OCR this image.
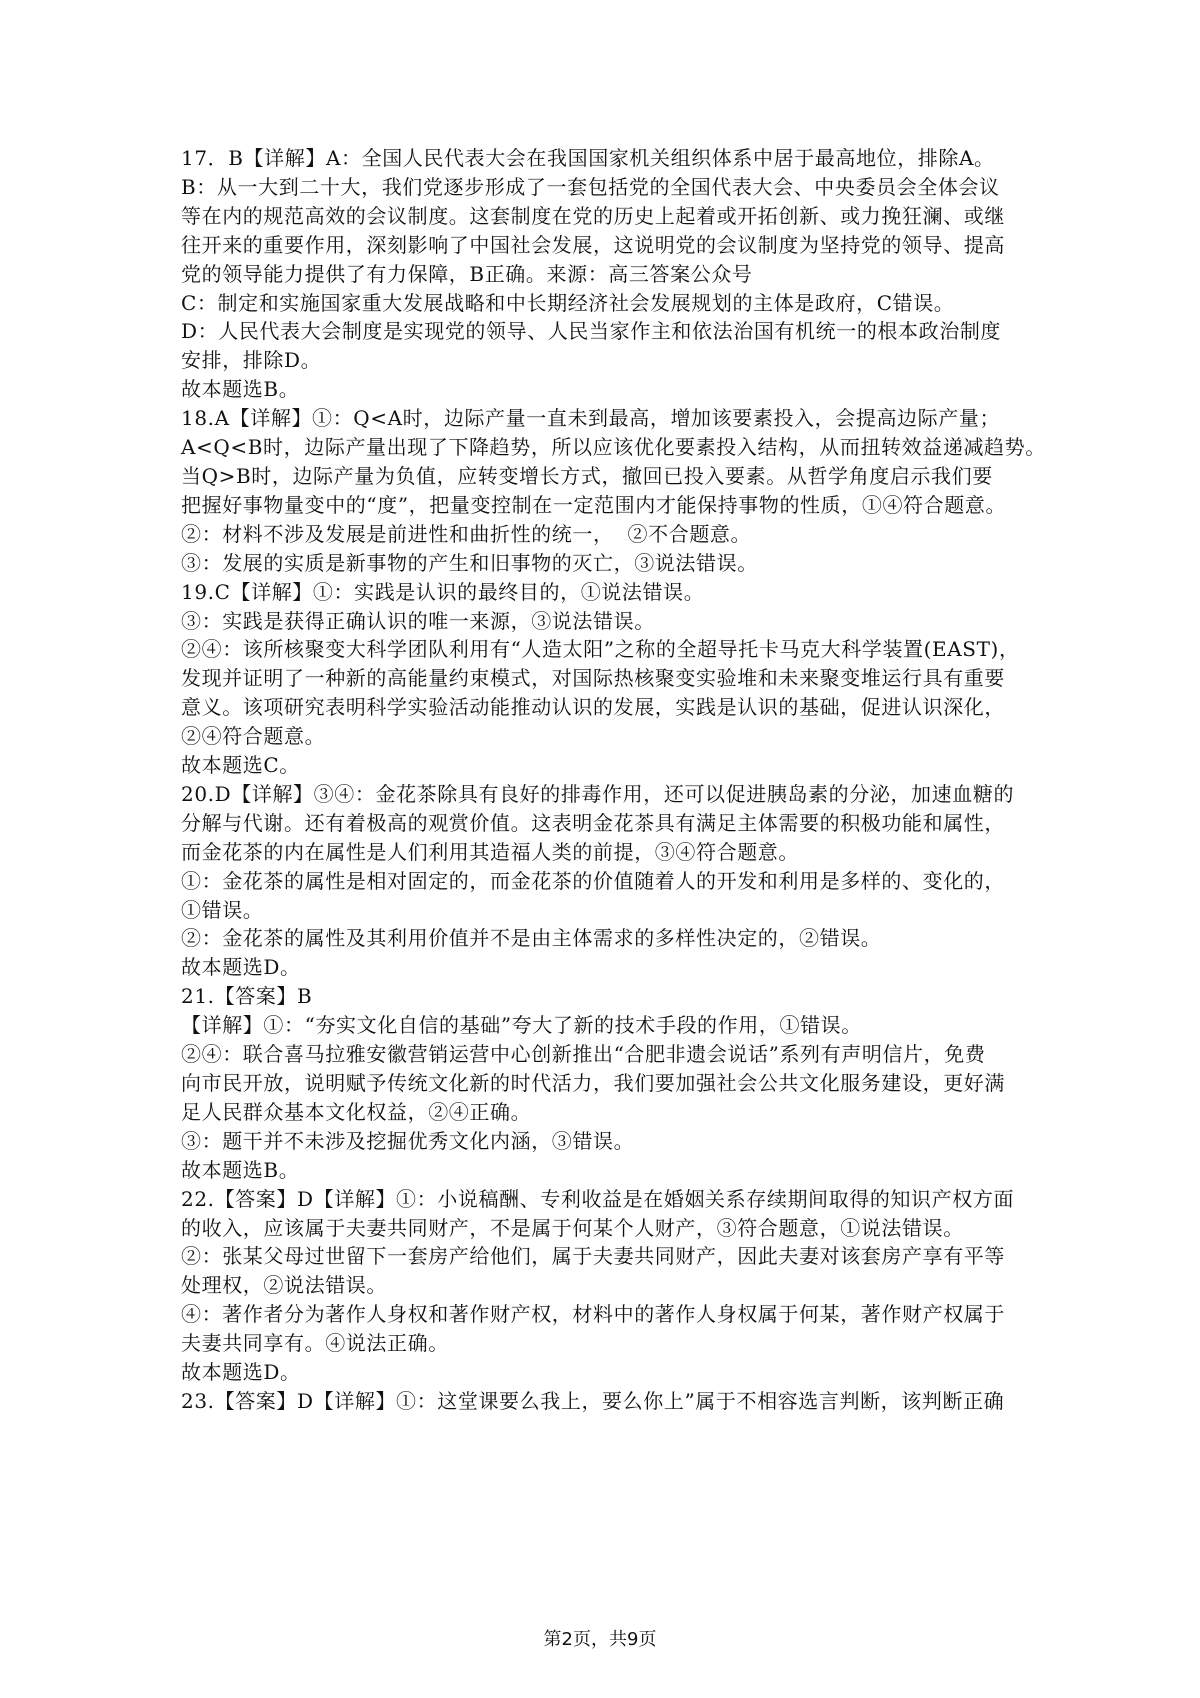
17．B【详解】A：全国人民代表大会在我国国家机关组织体系中居于最高地位，排除A。

B：从一大到二十大，我们党逐步形成了一套包括党的全国代表大会、中央委员会全体会议

等在内的规范高效的会议制度。这套制度在党的历史上起着或开拓创新、或力挽狂澜、或继

往开来的重要作用，深刻影响了中国社会发展，这说明党的会议制度为坚持党的领导、提高

党的领导能力提供了有力保障，B正确。来源：高三答案公众号

C：制定和实施国家重大发展战略和中长期经济社会发展规划的主体是政府，C错误。

D：人民代表大会制度是实现党的领导、人民当家作主和依法治国有机统一的根本政治制度

安排，排除D。

故本题选B。

18.A【详解】①：Q<A时，边际产量一直未到最高，增加该要素投入，会提高边际产量；

A<Q<B时，边际产量出现了下降趋势，所以应该优化要素投入结构，从而扭转效益递减趋势。

当Q>B时，边际产量为负值，应转变增长方式，撤回已投入要素。从哲学角度启示我们要

把握好事物量变中的“度”，把量变控制在一定范围内才能保持事物的性质，①④符合题意。

②：材料不涉及发展是前进性和曲折性的统一，  ②不合题意。

③：发展的实质是新事物的产生和旧事物的灭亡，③说法错误。

19.C【详解】①：实践是认识的最终目的，①说法错误。

③：实践是获得正确认识的唯一来源，③说法错误。

②④：该所核聚变大科学团队利用有“人造太阳”之称的全超导托卡马克大科学装置(EAST)，

发现并证明了一种新的高能量约束模式，对国际热核聚变实验堆和未来聚变堆运行具有重要

意义。该项研究表明科学实验活动能推动认识的发展，实践是认识的基础，促进认识深化，

②④符合题意。

故本题选C。

20.D【详解】③④：金花茶除具有良好的排毒作用，还可以促进胰岛素的分泌，加速血糖的

分解与代谢。还有着极高的观赏价值。这表明金花茶具有满足主体需要的积极功能和属性，

而金花茶的内在属性是人们利用其造福人类的前提，③④符合题意。

①：金花茶的属性是相对固定的，而金花茶的价值随着人的开发和利用是多样的、变化的，

①错误。

②：金花茶的属性及其利用价值并不是由主体需求的多样性决定的，②错误。

故本题选D。

21.【答案】B

【详解】①：“夯实文化自信的基础”夸大了新的技术手段的作用，①错误。

②④：联合喜马拉雅安徽营销运营中心创新推出“合肥非遗会说话”系列有声明信片，免费

向市民开放，说明赋予传统文化新的时代活力，我们要加强社会公共文化服务建设，更好满

足人民群众基本文化权益，②④正确。

③：题干并不未涉及挖掘优秀文化内涵，③错误。

故本题选B。

22.【答案】D【详解】①：小说稿酬、专利收益是在婚姻关系存续期间取得的知识产权方面

的收入，应该属于夫妻共同财产，不是属于何某个人财产，③符合题意，①说法错误。

②：张某父母过世留下一套房产给他们，属于夫妻共同财产，因此夫妻对该套房产享有平等

处理权，②说法错误。

④：著作者分为著作人身权和著作财产权，材料中的著作人身权属于何某，著作财产权属于

夫妻共同享有。④说法正确。

故本题选D。

23.【答案】D【详解】①：这堂课要么我上，要么你上”属于不相容选言判断，该判断正确

第2页，共9页
